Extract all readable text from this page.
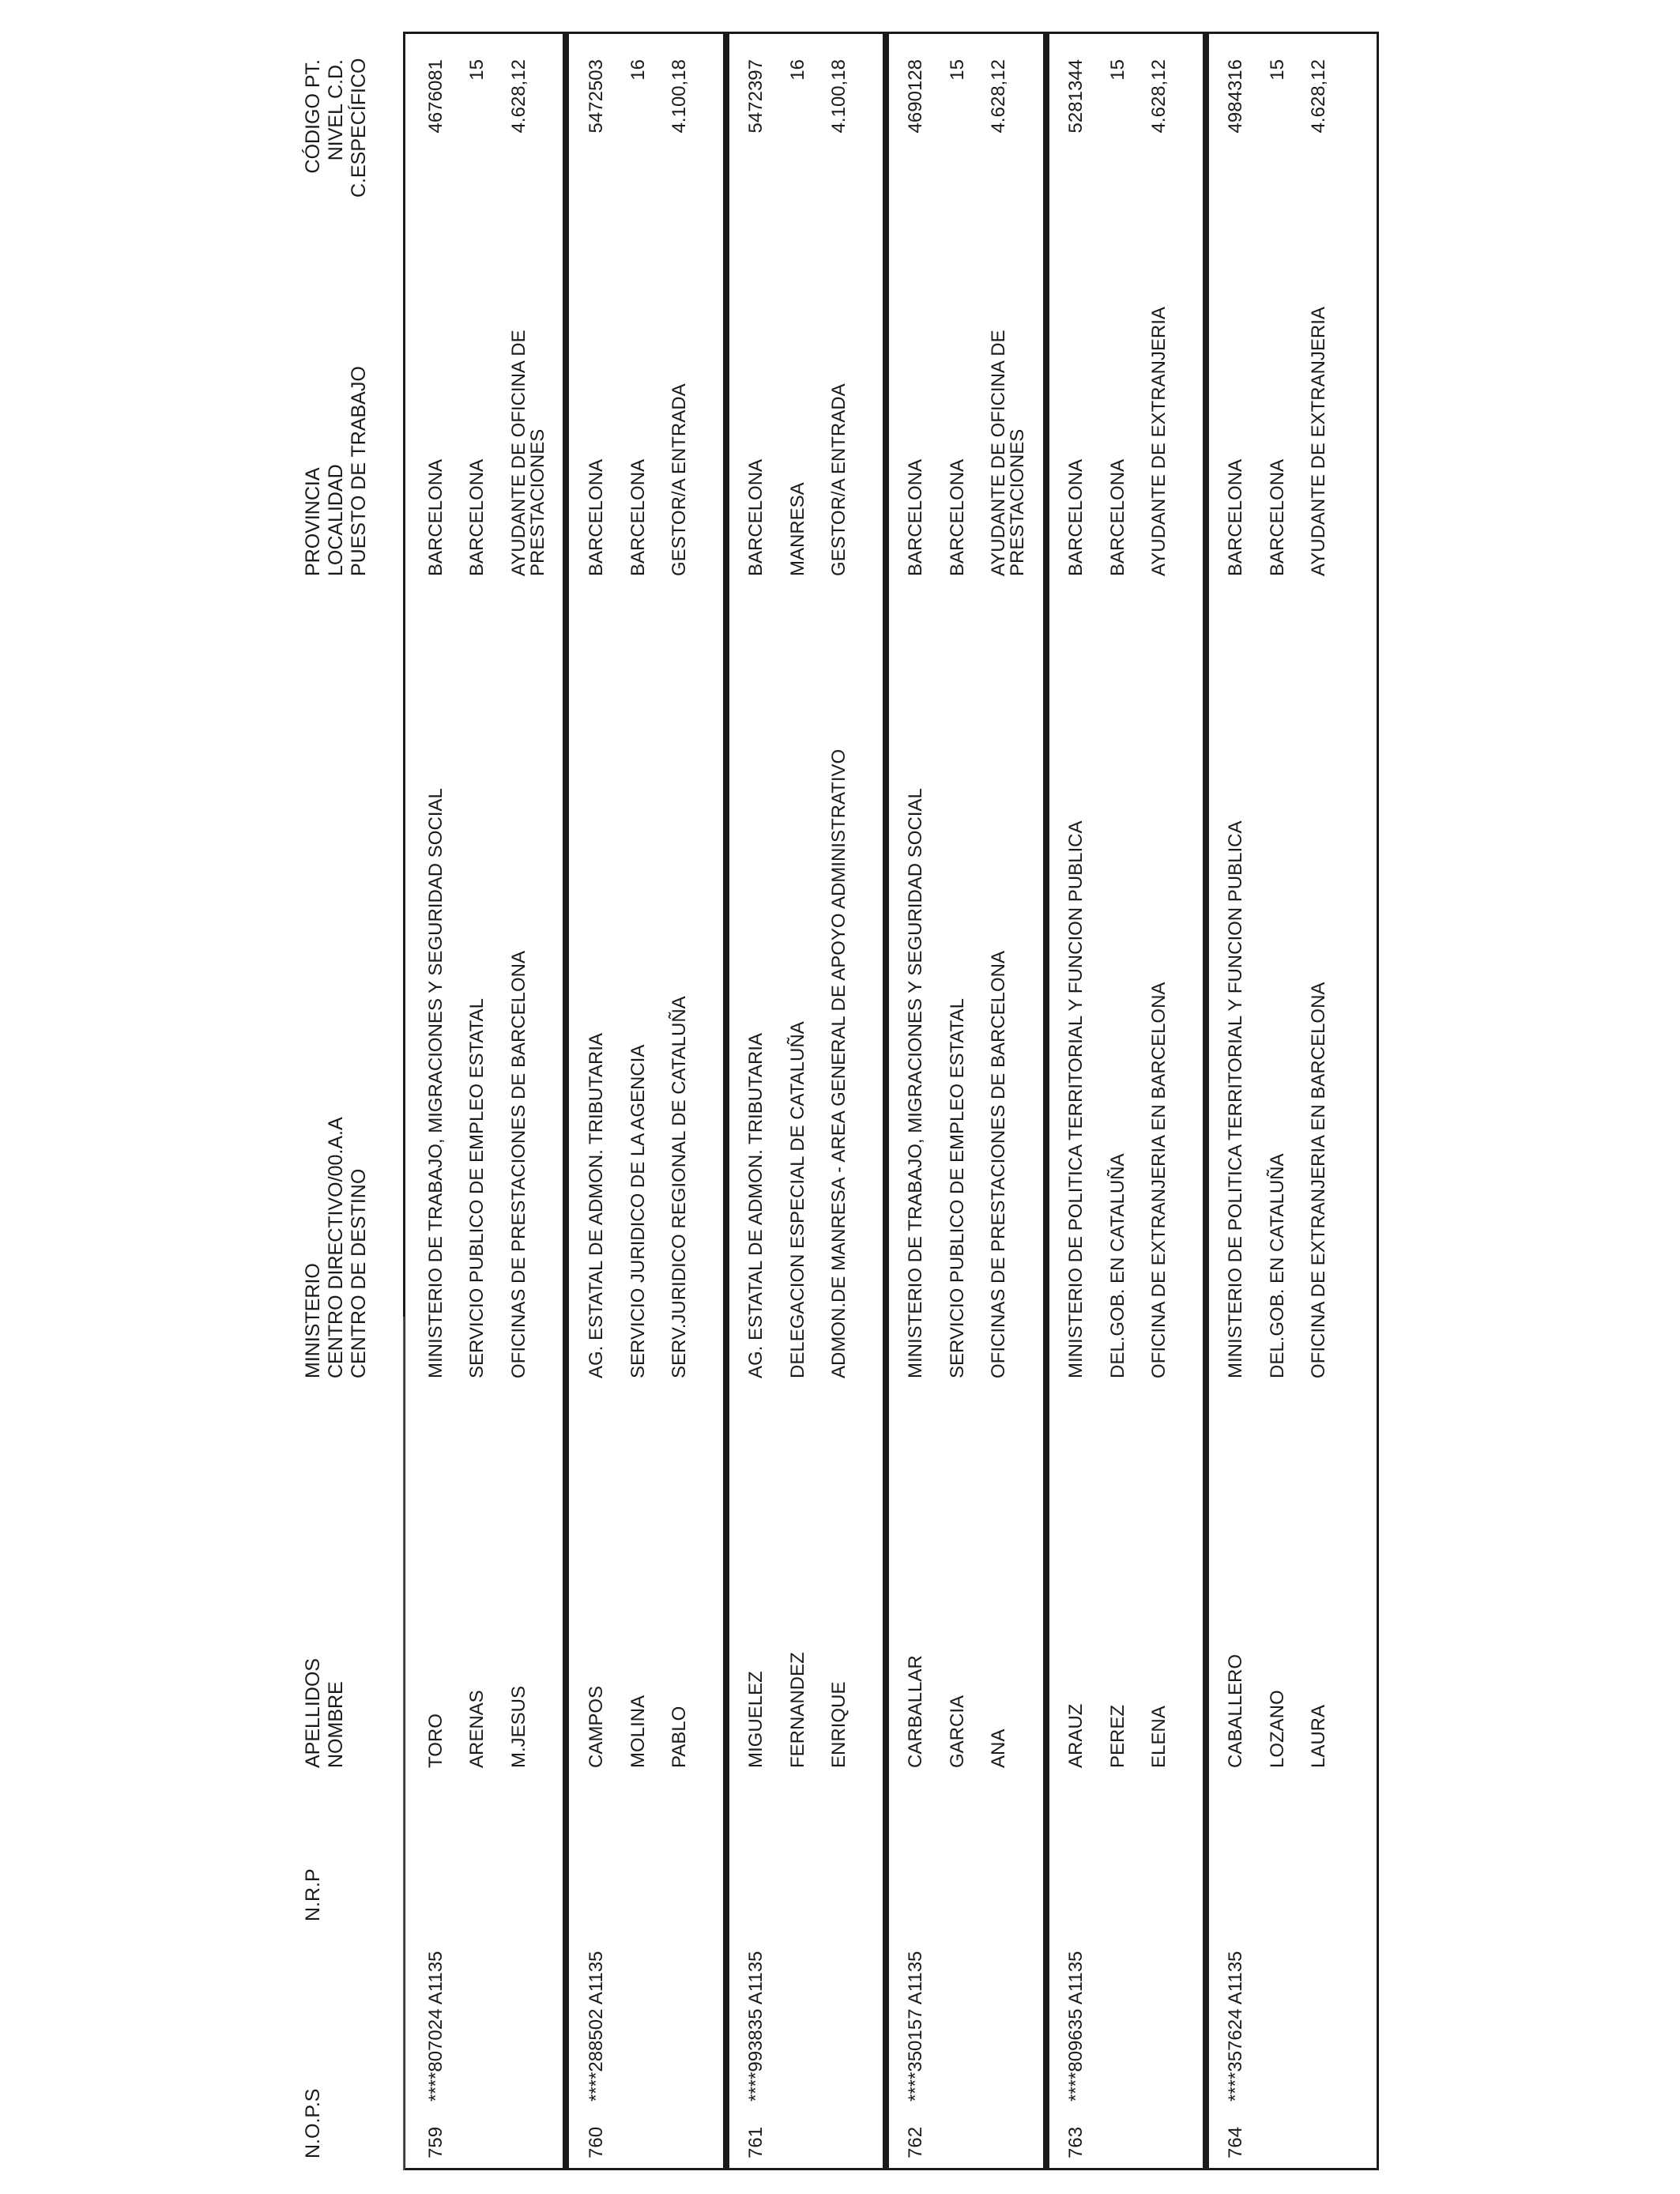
N.O.P.S
N.R.P
APELLIDOS NOMBRE
MINISTERIO CENTRO DIRECTIVO/00.A.A CENTRO DE DESTINO
PROVINCIA LOCALIDAD PUESTO DE TRABAJO
CÓDIGO PT. NIVEL C.D. C.ESPECÍFICO
759
****807024 A1135
TORO ARENAS M.JESUS
MINISTERIO DE TRABAJO, MIGRACIONES Y SEGURIDAD SOCIAL SERVICIO PUBLICO DE EMPLEO ESTATAL OFICINAS DE PRESTACIONES DE BARCELONA
BARCELONA BARCELONA AYUDANTE DE OFICINA DE
PRESTACIONES
4676081 15 4.628,12
760
****288502 A1135
CAMPOS MOLINA PABLO
AG. ESTATAL DE ADMON. TRIBUTARIA SERVICIO JURIDICO DE LA AGENCIA SERV.JURIDICO REGIONAL DE CATALUÑA
BARCELONA BARCELONA GESTOR/A ENTRADA
5472503 16 4.100,18
761
****993835 A1135
MIGUELEZ FERNANDEZ ENRIQUE
AG. ESTATAL DE ADMON. TRIBUTARIA DELEGACION ESPECIAL DE CATALUÑA ADMON.DE MANRESA - AREA GENERAL DE APOYO ADMINISTRATIVO
BARCELONA MANRESA GESTOR/A ENTRADA
5472397 16 4.100,18
762
****350157 A1135
CARBALLAR GARCIA ANA
MINISTERIO DE TRABAJO, MIGRACIONES Y SEGURIDAD SOCIAL SERVICIO PUBLICO DE EMPLEO ESTATAL OFICINAS DE PRESTACIONES DE BARCELONA
BARCELONA BARCELONA AYUDANTE DE OFICINA DE
PRESTACIONES
4690128 15 4.628,12
763
****809635 A1135
ARAUZ PEREZ ELENA
MINISTERIO DE POLITICA TERRITORIAL Y FUNCION PUBLICA DEL.GOB. EN CATALUÑA OFICINA DE EXTRANJERIA EN BARCELONA
BARCELONA BARCELONA AYUDANTE DE EXTRANJERIA
5281344 15 4.628,12
764
****357624 A1135
CABALLERO LOZANO LAURA
MINISTERIO DE POLITICA TERRITORIAL Y FUNCION PUBLICA DEL.GOB. EN CATALUÑA OFICINA DE EXTRANJERIA EN BARCELONA
BARCELONA BARCELONA AYUDANTE DE EXTRANJERIA
4984316 15 4.628,12
